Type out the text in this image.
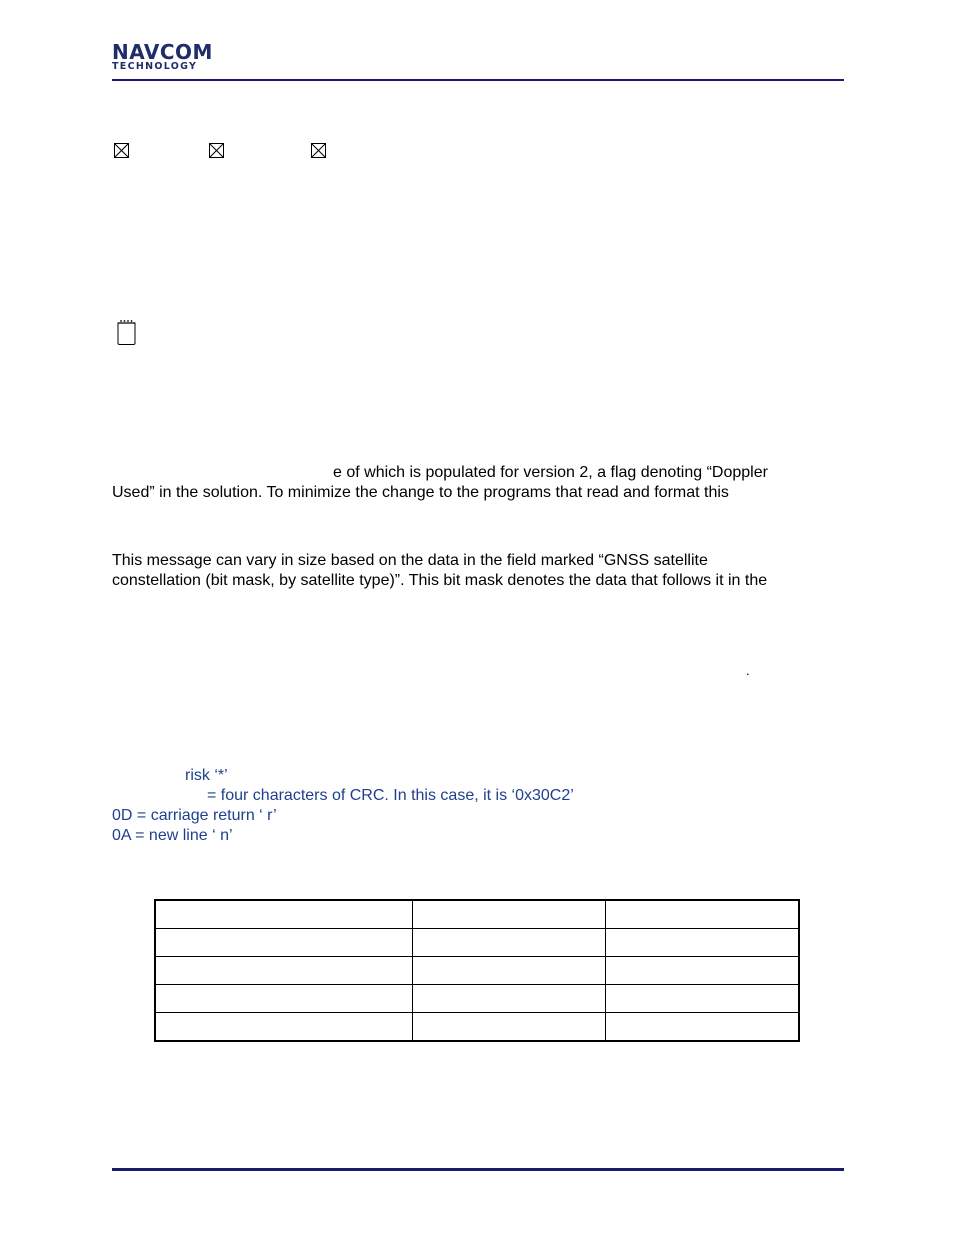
NAVCOM
TECHNOLOGY
e of which is populated for version 2, a flag denoting “Doppler
Used” in the solution. To minimize the change to the programs that read and format this
This message can vary in size based on the data in the field marked “GNSS satellite
constellation (bit mask, by satellite type)”. This bit mask denotes the data that follows it in the
.
risk ‘*’
= four characters of CRC. In this case, it is ‘0x30C2’
0D = carriage return ‘ r’
0A = new line ‘ n’
